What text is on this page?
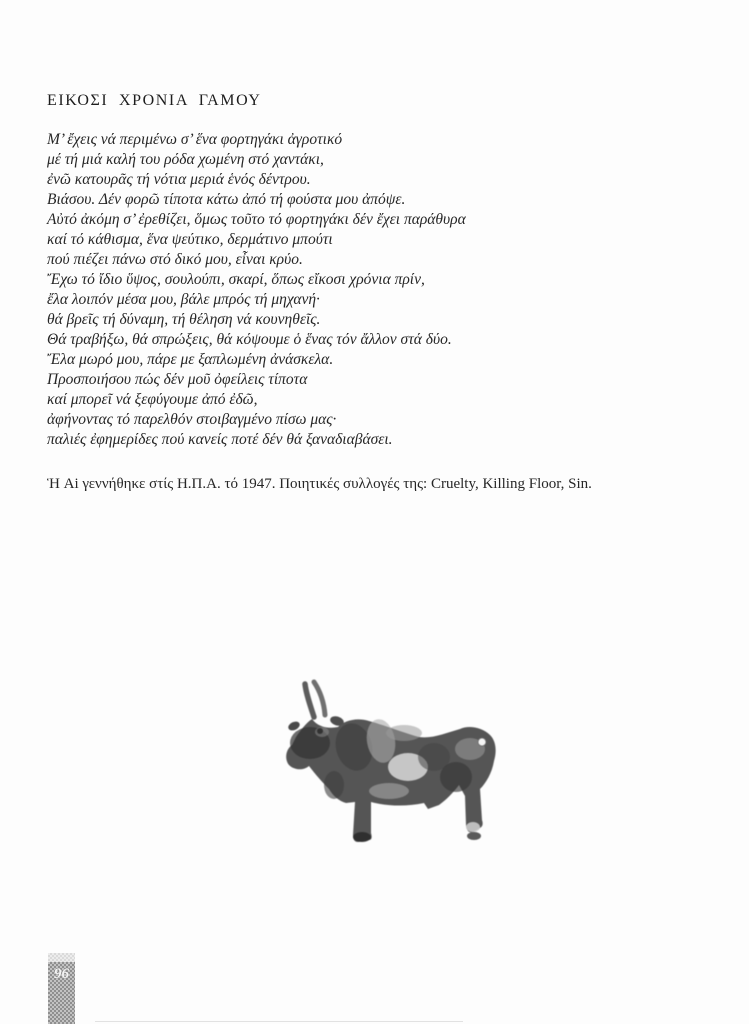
ΕΙΚΟΣΙ ΧΡΟΝΙΑ ΓΑΜΟΥ
Μ’ ἔχεις νά περιμένω σ’ ἕνα φορτηγάκι ἀγροτικό
μέ τή μιά καλή του ρόδα χωμένη στό χαντάκι,
ἐνῶ κατουρᾶς τή νότια μεριά ἑνός δέντρου.
Βιάσου. Δέν φορῶ τίποτα κάτω ἀπό τή φούστα μου ἀπόψε.
Αὐτό ἀκόμη σ’ ἐρεθίζει, ὅμως τοῦτο τό φορτηγάκι δέν ἔχει παράθυρα
καί τό κάθισμα, ἕνα ψεύτικο, δερμάτινο μπούτι
πού πιέζει πάνω στό δικό μου, εἶναι κρύο.
Ἔχω τό ἴδιο ὕψος, σουλούπι, σκαρί, ὅπως εἴκοσι χρόνια πρίν,
ἔλα λοιπόν μέσα μου, βάλε μπρός τή μηχανή·
θά βρεῖς τή δύναμη, τή θέληση νά κουνηθεῖς.
Θά τραβήξω, θά σπρώξεις, θά κόψουμε ὁ ἕνας τόν ἄλλον στά δύο.
Ἔλα μωρό μου, πάρε με ξαπλωμένη ἀνάσκελα.
Προσποιήσου πώς δέν μοῦ ὀφείλεις τίποτα
καί μπορεῖ νά ξεφύγουμε ἀπό ἐδῶ,
ἀφήνοντας τό παρελθόν στοιβαγμένο πίσω μας·
παλιές ἐφημερίδες πού κανείς ποτέ δέν θά ξαναδιαβάσει.
Ἡ Ai γεννήθηκε στίς Η.Π.Α. τό 1947. Ποιητικές συλλογές της: Cruelty, Killing Floor, Sin.
96
